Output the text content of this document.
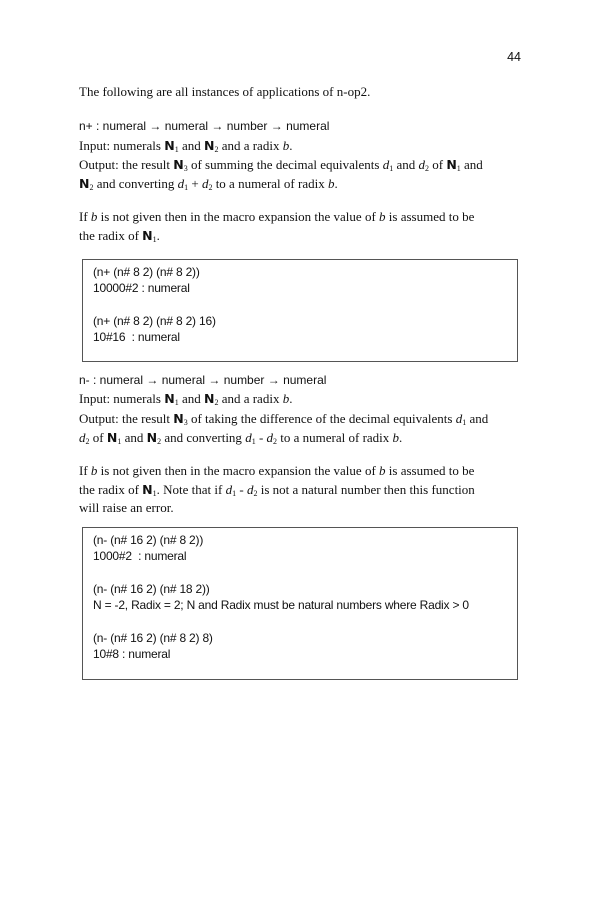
44

The following are all instances of applications of n-op2.

n+ : numeral → numeral → number → numeral

Input: numerals $N_1$ and $N_2$ and a radix b.

Output: the result $N_3$ of summing the decimal equivalents $d_1$ and $d_2$ of $N_1$ and

$N_2$ and converting $d_1 + d_2$ to a numeral of radix b.

If b is not given then in the macro expansion the value of b is assumed to be

the radix of $N_1$.

(n+ (n# 8 2) (n# 8 2))
10000#2 : numeral
(n+ (n# 8 2) (n# 8 2) 16)
10#16  : numeral

n- : numeral → numeral → number → numeral

Input: numerals $N_1$ and $N_2$ and a radix b.

Output: the result $N_3$ of taking the difference of the decimal equivalents $d_1$ and

$d_2$ of $N_1$ and $N_2$ and converting $d_1 - d_2$ to a numeral of radix b.

If b is not given then in the macro expansion the value of b is assumed to be

the radix of $N_1$. Note that if $d_1 - d_2$ is not a natural number then this function

will raise an error.

(n- (n# 16 2) (n# 8 2))
1000#2  : numeral
(n- (n# 16 2) (n# 18 2))
N = -2, Radix = 2; N and Radix must be natural numbers where Radix > 0
(n- (n# 16 2) (n# 8 2) 8)
10#8 : numeral
